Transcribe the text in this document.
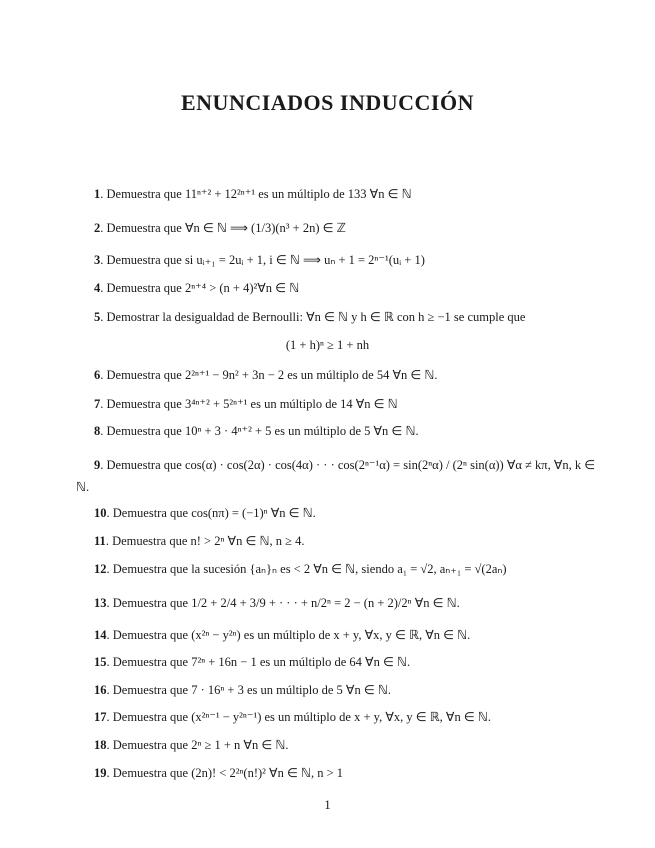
ENUNCIADOS INDUCCIÓN
1. Demuestra que 11ⁿ⁺² + 12²ⁿ⁺¹ es un múltiplo de 133 ∀n ∈ ℕ
2. Demuestra que ∀n ∈ ℕ ⟹ (1/3)(n³ + 2n) ∈ ℤ
3. Demuestra que si uᵢ₊₁ = 2uᵢ + 1, i ∈ ℕ ⟹ uₙ + 1 = 2ⁿ⁻¹(uᵢ + 1)
4. Demuestra que 2ⁿ⁺⁴ > (n + 4)²∀n ∈ ℕ
5. Demostrar la desigualdad de Bernoulli: ∀n ∈ ℕ y h ∈ ℝ con h ≥ −1 se cumple que
(1 + h)ⁿ ≥ 1 + nh
6. Demuestra que 2²ⁿ⁺¹ − 9n² + 3n − 2 es un múltiplo de 54 ∀n ∈ ℕ.
7. Demuestra que 3⁴ⁿ⁺² + 5²ⁿ⁺¹ es un múltiplo de 14 ∀n ∈ ℕ
8. Demuestra que 10ⁿ + 3 · 4ⁿ⁺² + 5 es un múltiplo de 5 ∀n ∈ ℕ.
9. Demuestra que cos(α) · cos(2α) · cos(4α) · · · cos(2ⁿ⁻¹α) = sin(2ⁿα) / (2ⁿ sin(α)) ∀α ≠ kπ, ∀n, k ∈
ℕ.
10. Demuestra que cos(nπ) = (−1)ⁿ ∀n ∈ ℕ.
11. Demuestra que n! > 2ⁿ ∀n ∈ ℕ, n ≥ 4.
12. Demuestra que la sucesión {aₙ}ₙ es < 2 ∀n ∈ ℕ, siendo a₁ = √2, aₙ₊₁ = √(2aₙ)
13. Demuestra que 1/2 + 2/4 + 3/9 + · · · + n/2ⁿ = 2 − (n + 2)/2ⁿ ∀n ∈ ℕ.
14. Demuestra que (x²ⁿ − y²ⁿ) es un múltiplo de x + y, ∀x, y ∈ ℝ, ∀n ∈ ℕ.
15. Demuestra que 7²ⁿ + 16n − 1 es un múltiplo de 64 ∀n ∈ ℕ.
16. Demuestra que 7 · 16ⁿ + 3 es un múltiplo de 5 ∀n ∈ ℕ.
17. Demuestra que (x²ⁿ⁻¹ − y²ⁿ⁻¹) es un múltiplo de x + y, ∀x, y ∈ ℝ, ∀n ∈ ℕ.
18. Demuestra que 2ⁿ ≥ 1 + n ∀n ∈ ℕ.
19. Demuestra que (2n)! < 2²ⁿ(n!)² ∀n ∈ ℕ, n > 1
1
